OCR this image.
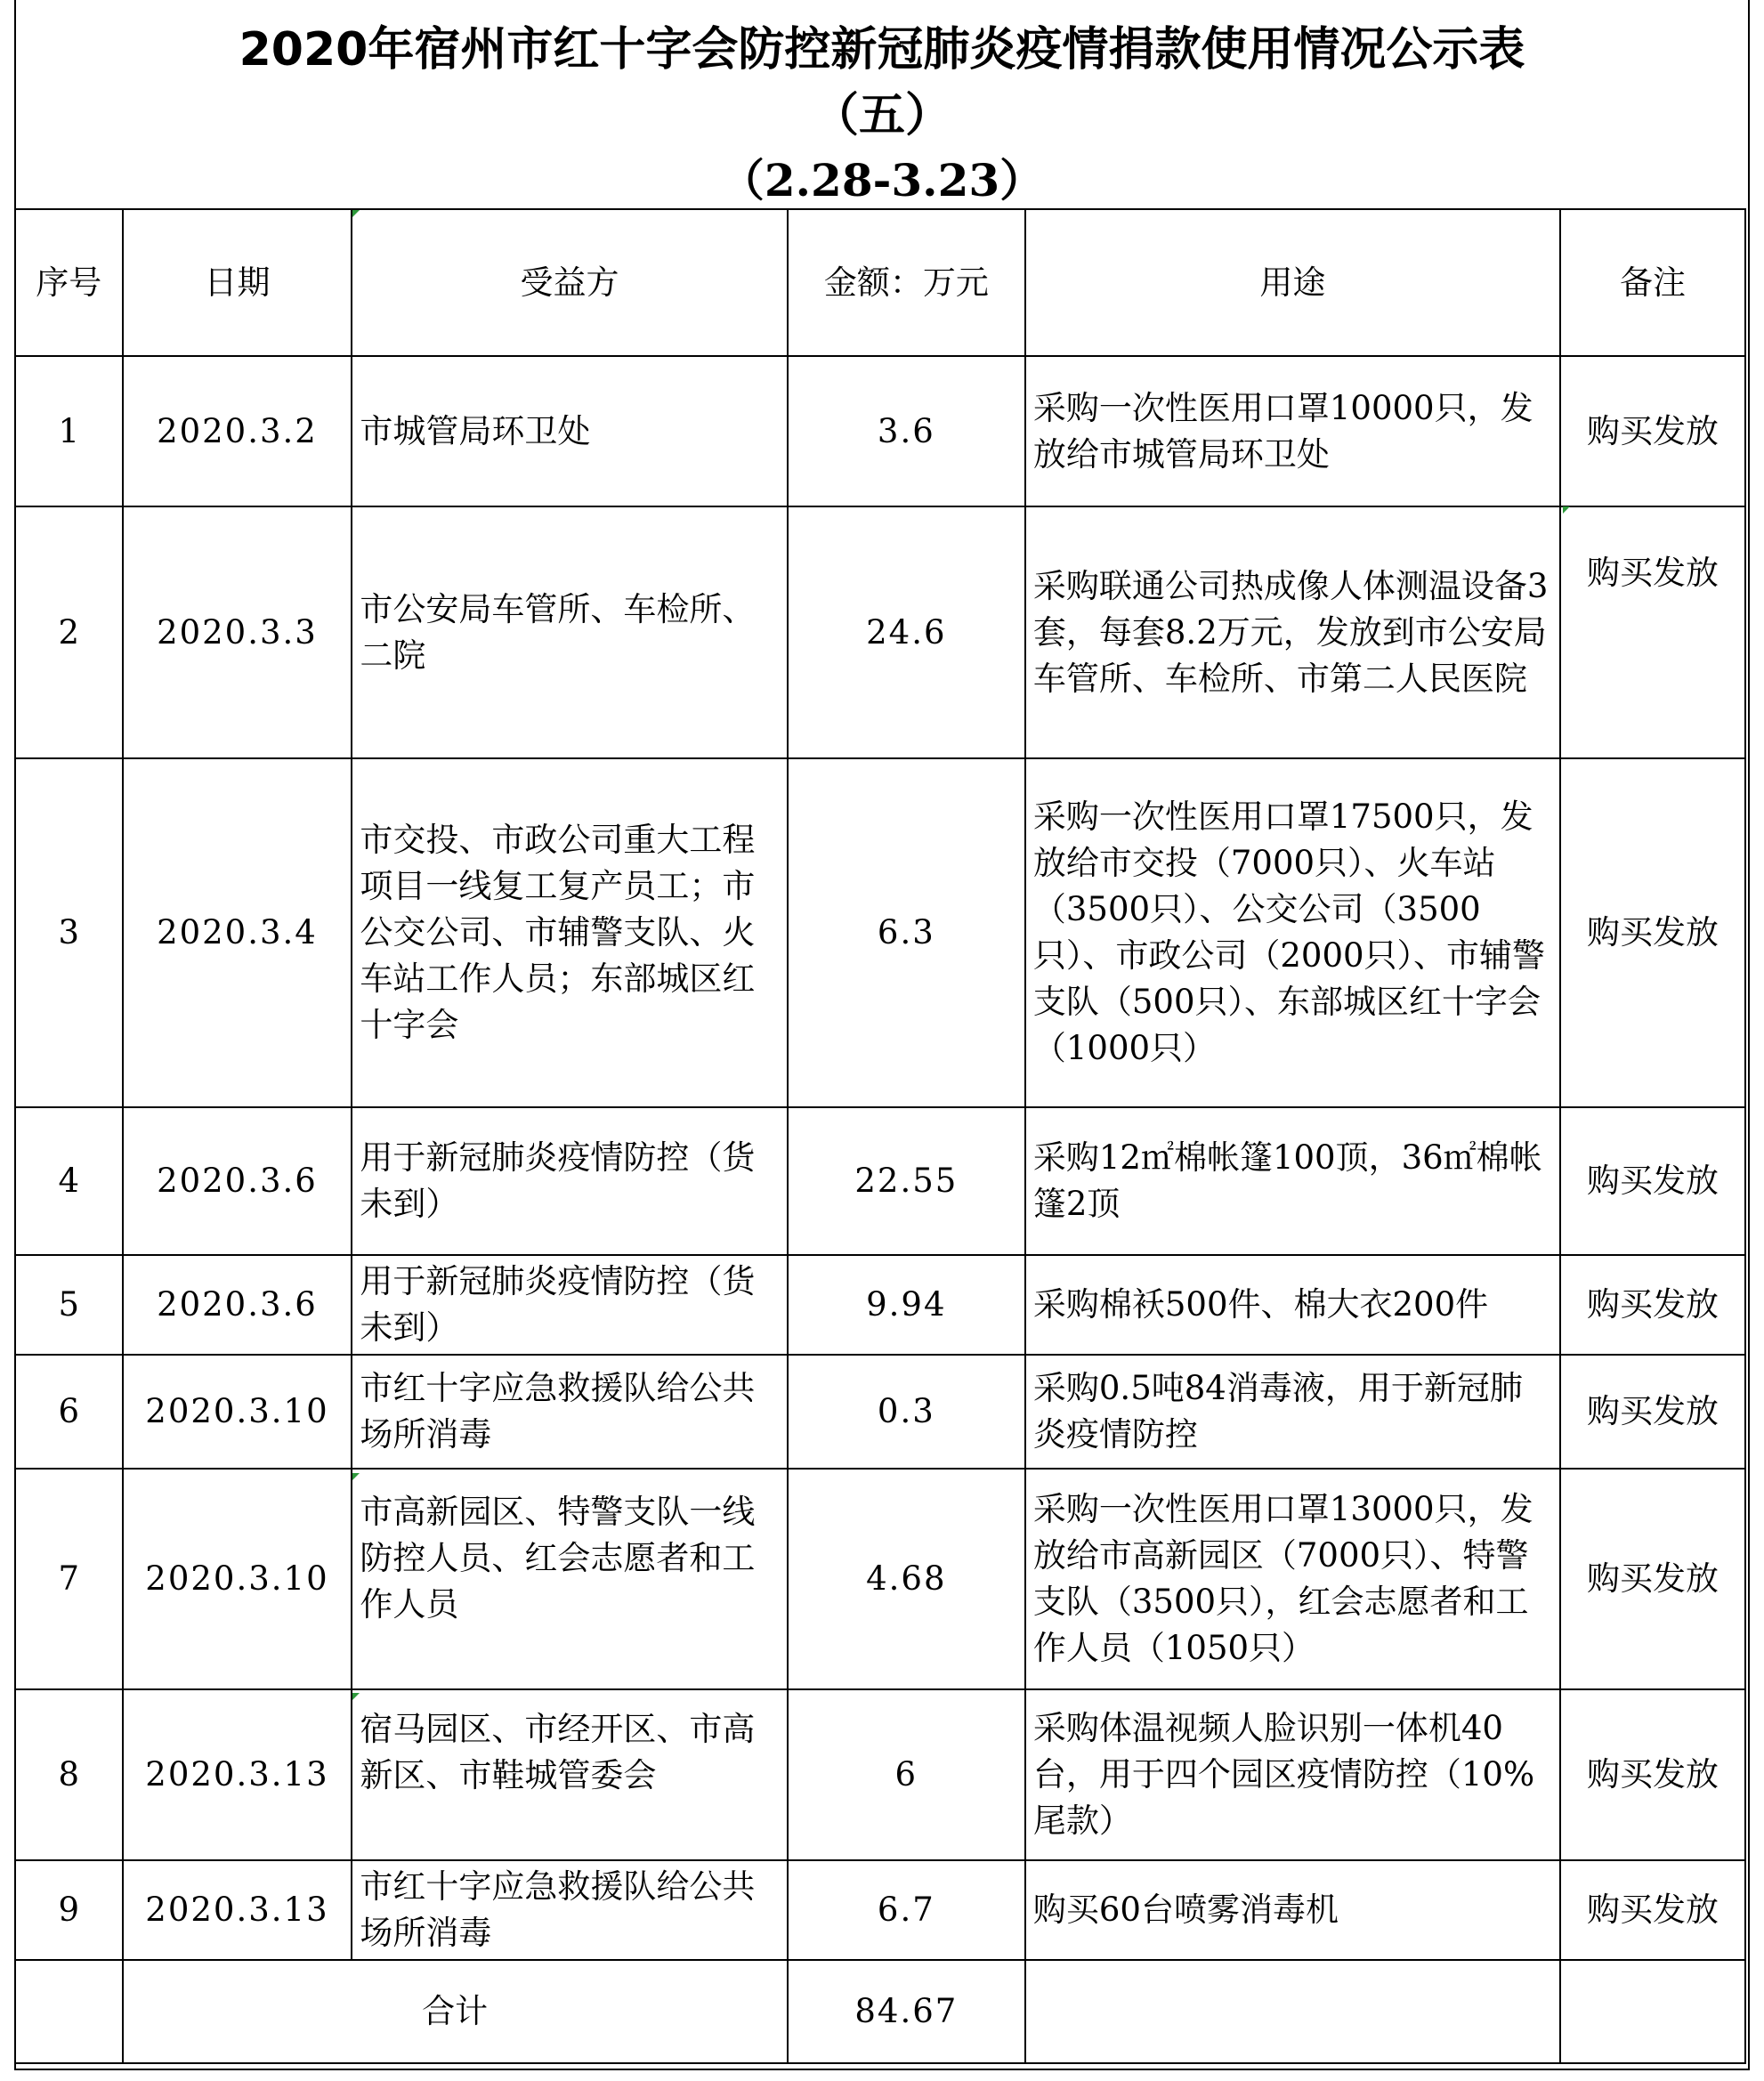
2020年宿州市红十字会防控新冠肺炎疫情捐款使用情况公示表
（五）
（2.28-3.23）
序号	日期	受益方	金额：万元	用途	备注
1	2020.3.2	市城管局环卫处	3.6	采购一次性医用口罩10000只，发放给市城管局环卫处	购买发放
2	2020.3.3	市公安局车管所、车检所、二院	24.6	采购联通公司热成像人体测温设备3套，每套8.2万元，发放到市公安局车管所、车检所、市第二人民医院	购买发放
3	2020.3.4	市交投、市政公司重大工程项目一线复工复产员工；市公交公司、市辅警支队、火车站工作人员；东部城区红十字会	6.3	采购一次性医用口罩17500只，发放给市交投（7000只）、火车站（3500只）、公交公司（3500只）、市政公司（2000只）、市辅警支队（500只）、东部城区红十字会（1000只）	购买发放
4	2020.3.6	用于新冠肺炎疫情防控（货未到）	22.55	采购12㎡棉帐篷100顶，36㎡棉帐篷2顶	购买发放
5	2020.3.6	用于新冠肺炎疫情防控（货未到）	9.94	采购棉袄500件、棉大衣200件	购买发放
6	2020.3.10	市红十字应急救援队给公共场所消毒	0.3	采购0.5吨84消毒液，用于新冠肺炎疫情防控	购买发放
7	2020.3.10	市高新园区、特警支队一线防控人员、红会志愿者和工作人员	4.68	采购一次性医用口罩13000只，发放给市高新园区（7000只）、特警支队（3500只），红会志愿者和工作人员（1050只）	购买发放
8	2020.3.13	宿马园区、市经开区、市高新区、市鞋城管委会	6	采购体温视频人脸识别一体机40台，用于四个园区疫情防控（10%尾款）	购买发放
9	2020.3.13	市红十字应急救援队给公共场所消毒	6.7	购买60台喷雾消毒机	购买发放
	合计		84.67		
